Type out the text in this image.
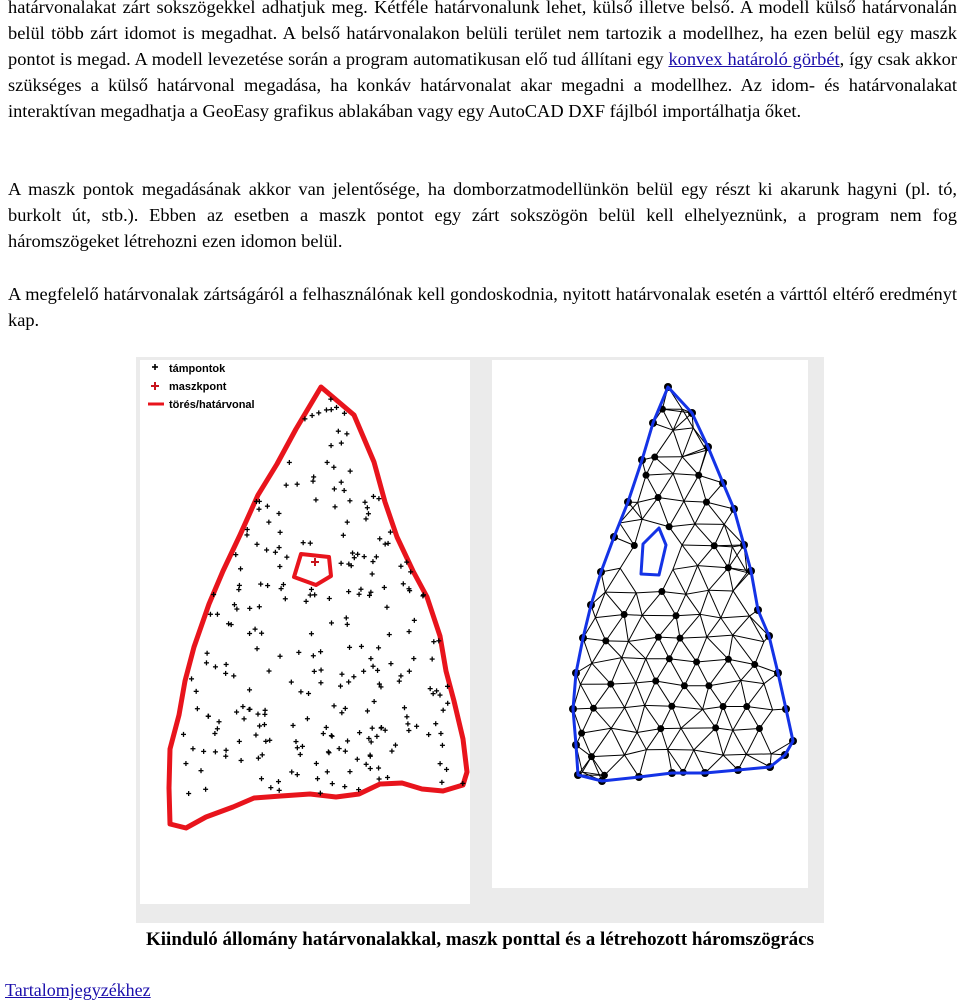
határvonalakat zárt sokszögekkel adhatjuk meg. Kétféle határvonalunk lehet, külső illetve belső. A modell külső határvonalán belül több zárt idomot is megadhat. A belső határvonalakon belüli terület nem tartozik a modellhez, ha ezen belül egy maszk pontot is megad. A modell levezetése során a program automatikusan elő tud állítani egy konvex határoló görbét, így csak akkor szükséges a külső határvonal megadása, ha konkáv határvonalat akar megadni a modellhez. Az idom- és határvonalakat interaktívan megadhatja a GeoEasy grafikus ablakában vagy egy AutoCAD DXF fájlból importálhatja őket.

A maszk pontok megadásának akkor van jelentősége, ha domborzatmodellünkön belül egy részt ki akarunk hagyni (pl. tó, burkolt út, stb.). Ebben az esetben a maszk pontot egy zárt sokszögön belül kell elhelyeznünk, a program nem fog háromszögeket létrehozni ezen idomon belül.

A megfelelő határvonalak zártságáról a felhasználónak kell gondoskodnia, nyitott határvonalak esetén a várttól eltérő eredményt kap.

támpontok
maszkpont
törés/határvonal
Kiinduló állomány határvonalakkal, maszk ponttal és a létrehozott háromszögrács
Tartalomjegyzékhez
